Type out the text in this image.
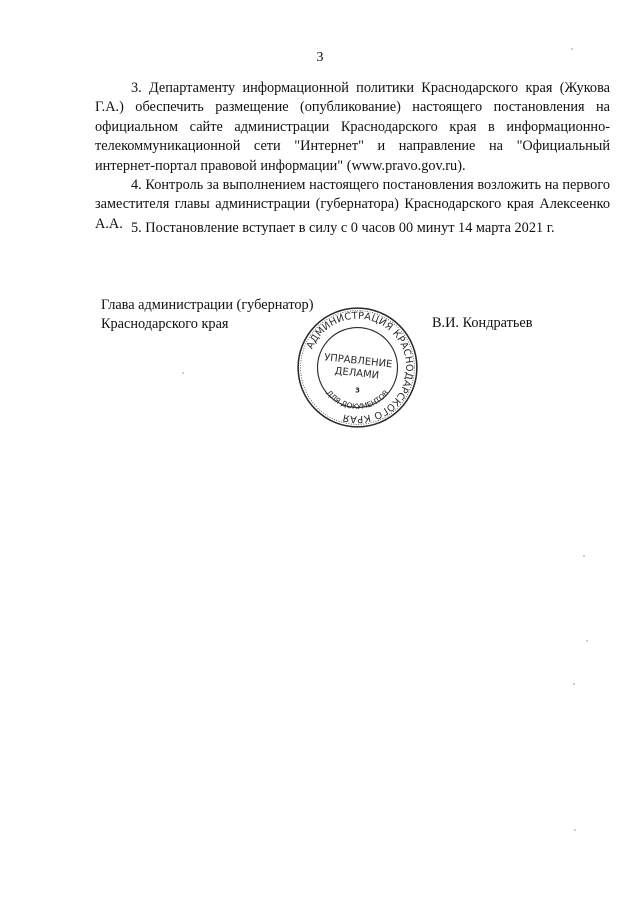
3

3. Департаменту информационной политики Краснодарского края (Жукова Г.А.) обеспечить размещение (опубликование) настоящего постановления на официальном сайте администрации Краснодарского края в информационно-телекоммуникационной сети "Интернет" и направление на "Официальный интернет-портал правовой информации" (www.pravo.gov.ru).

4. Контроль за выполнением настоящего постановления возложить на первого заместителя главы администрации (губернатора) Краснодарского края Алексеенко А.А. 5. Постановление вступает в силу с 0 часов 00 минут 14 марта 2021 г.

Глава администрации (губернатор)
Краснодарского края	В.И. Кондратьев
АДМИНИСТРАЦИЯ КРАСНОДАРСКОГО КРАЯ
ДЛЯ ДОКУМЕНТОВ
УПРАВЛЕНИЕ
ДЕЛАМИ
3
